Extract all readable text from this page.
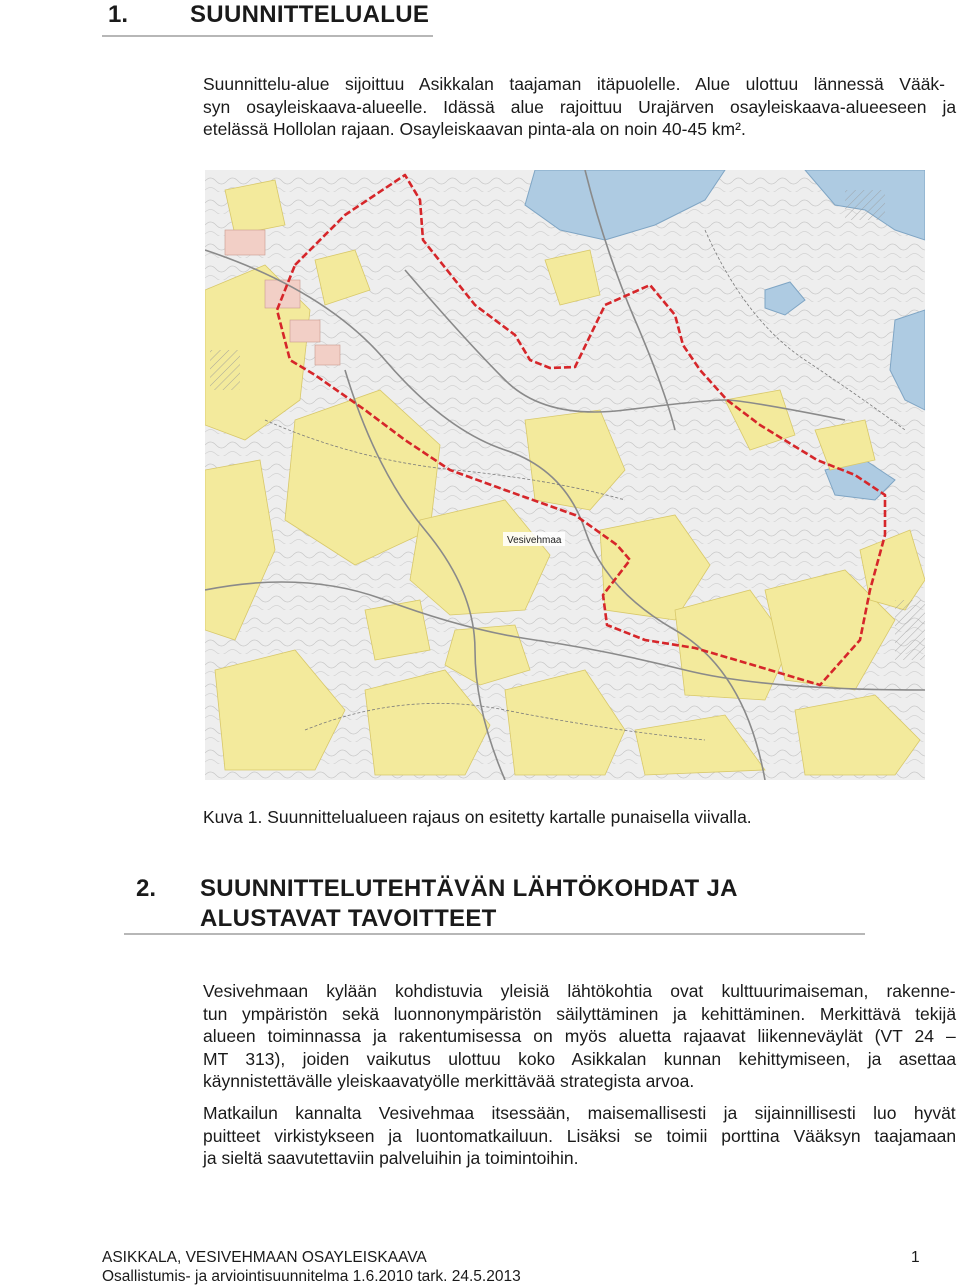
1.	SUUNNITTELUALUE
Suunnittelu-alue sijoittuu Asikkalan taajaman itäpuolelle. Alue ulottuu lännessä Vääk-
syn osayleiskaava-alueelle. Idässä alue rajoittuu Urajärven osayleiskaava-alueeseen ja
etelässä Hollolan rajaan. Osayleiskaavan pinta-ala on noin 40-45 km².
Vesivehmaa
Kuva 1. Suunnittelualueen rajaus on esitetty kartalle punaisella viivalla.
2. SUUNNITTELUTEHTÄVÄN LÄHTÖKOHDAT JA
ALUSTAVAT TAVOITTEET
Vesivehmaan kylään kohdistuvia yleisiä lähtökohtia ovat kulttuurimaiseman, rakenne-
tun ympäristön sekä luonnonympäristön säilyttäminen ja kehittäminen. Merkittävä tekijä
alueen toiminnassa ja rakentumisessa on myös aluetta rajaavat liikenneväylät (VT 24 –
MT 313), joiden vaikutus ulottuu koko Asikkalan kunnan kehittymiseen, ja asettaa
käynnistettävälle yleiskaavatyölle merkittävää strategista arvoa.
Matkailun kannalta Vesivehmaa itsessään, maisemallisesti ja sijainnillisesti luo hyvät
puitteet virkistykseen ja luontomatkailuun. Lisäksi se toimii porttina Vääksyn taajamaan
ja sieltä saavutettaviin palveluihin ja toimintoihin.
ASIKKALA, VESIVEHMAAN OSAYLEISKAAVA	1
Osallistumis- ja arviointisuunnitelma 1.6.2010 tark. 24.5.2013
